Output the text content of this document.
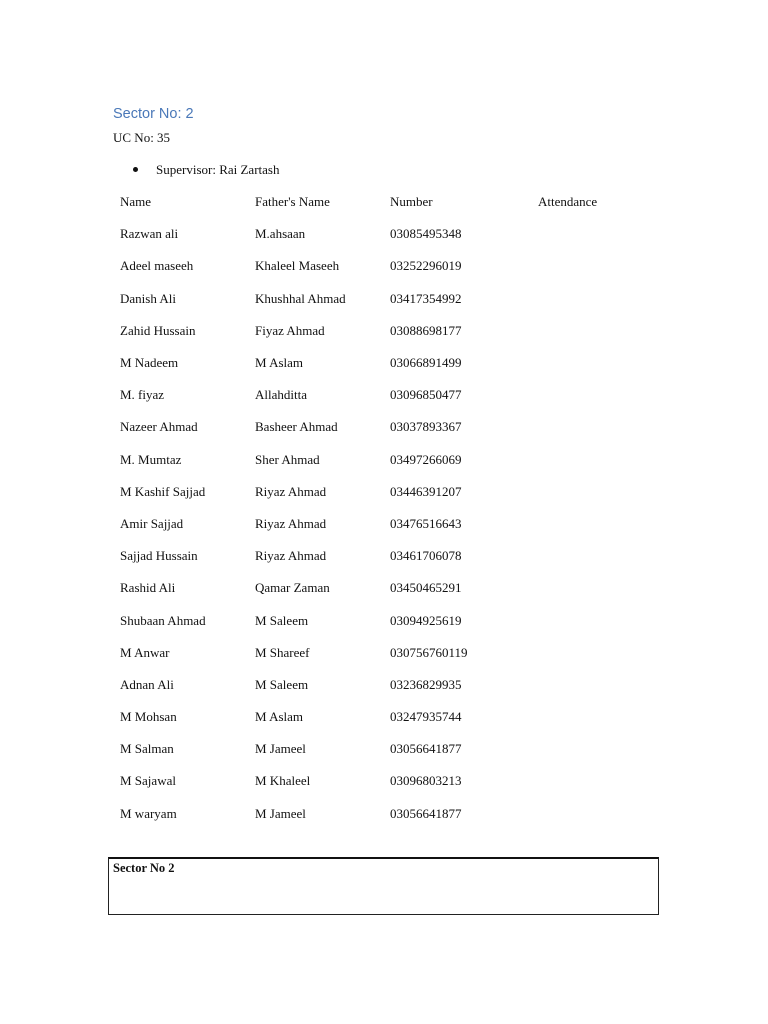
Sector No: 2
UC No: 35
Supervisor: Rai Zartash
Name	Father's Name	Number	Attendance
Razwan ali	M.ahsaan	03085495348	
Adeel maseeh	Khaleel Maseeh	03252296019	
Danish Ali	Khushhal Ahmad	03417354992	
Zahid Hussain	Fiyaz Ahmad	03088698177	
M Nadeem	M Aslam	03066891499	
M. fiyaz	Allahditta	03096850477	
Nazeer Ahmad	Basheer Ahmad	03037893367	
M. Mumtaz	Sher Ahmad	03497266069	
M Kashif Sajjad	Riyaz Ahmad	03446391207	
Amir Sajjad	Riyaz Ahmad	03476516643	
Sajjad Hussain	Riyaz Ahmad	03461706078	
Rashid Ali	Qamar Zaman	03450465291	
Shubaan Ahmad	M Saleem	03094925619	
M Anwar	M Shareef	030756760119	
Adnan Ali	M Saleem	03236829935	
M Mohsan	M Aslam	03247935744	
M Salman	M Jameel	03056641877	
M Sajawal	M Khaleel	03096803213	
M waryam	M Jameel	03056641877	
Sector No 2
